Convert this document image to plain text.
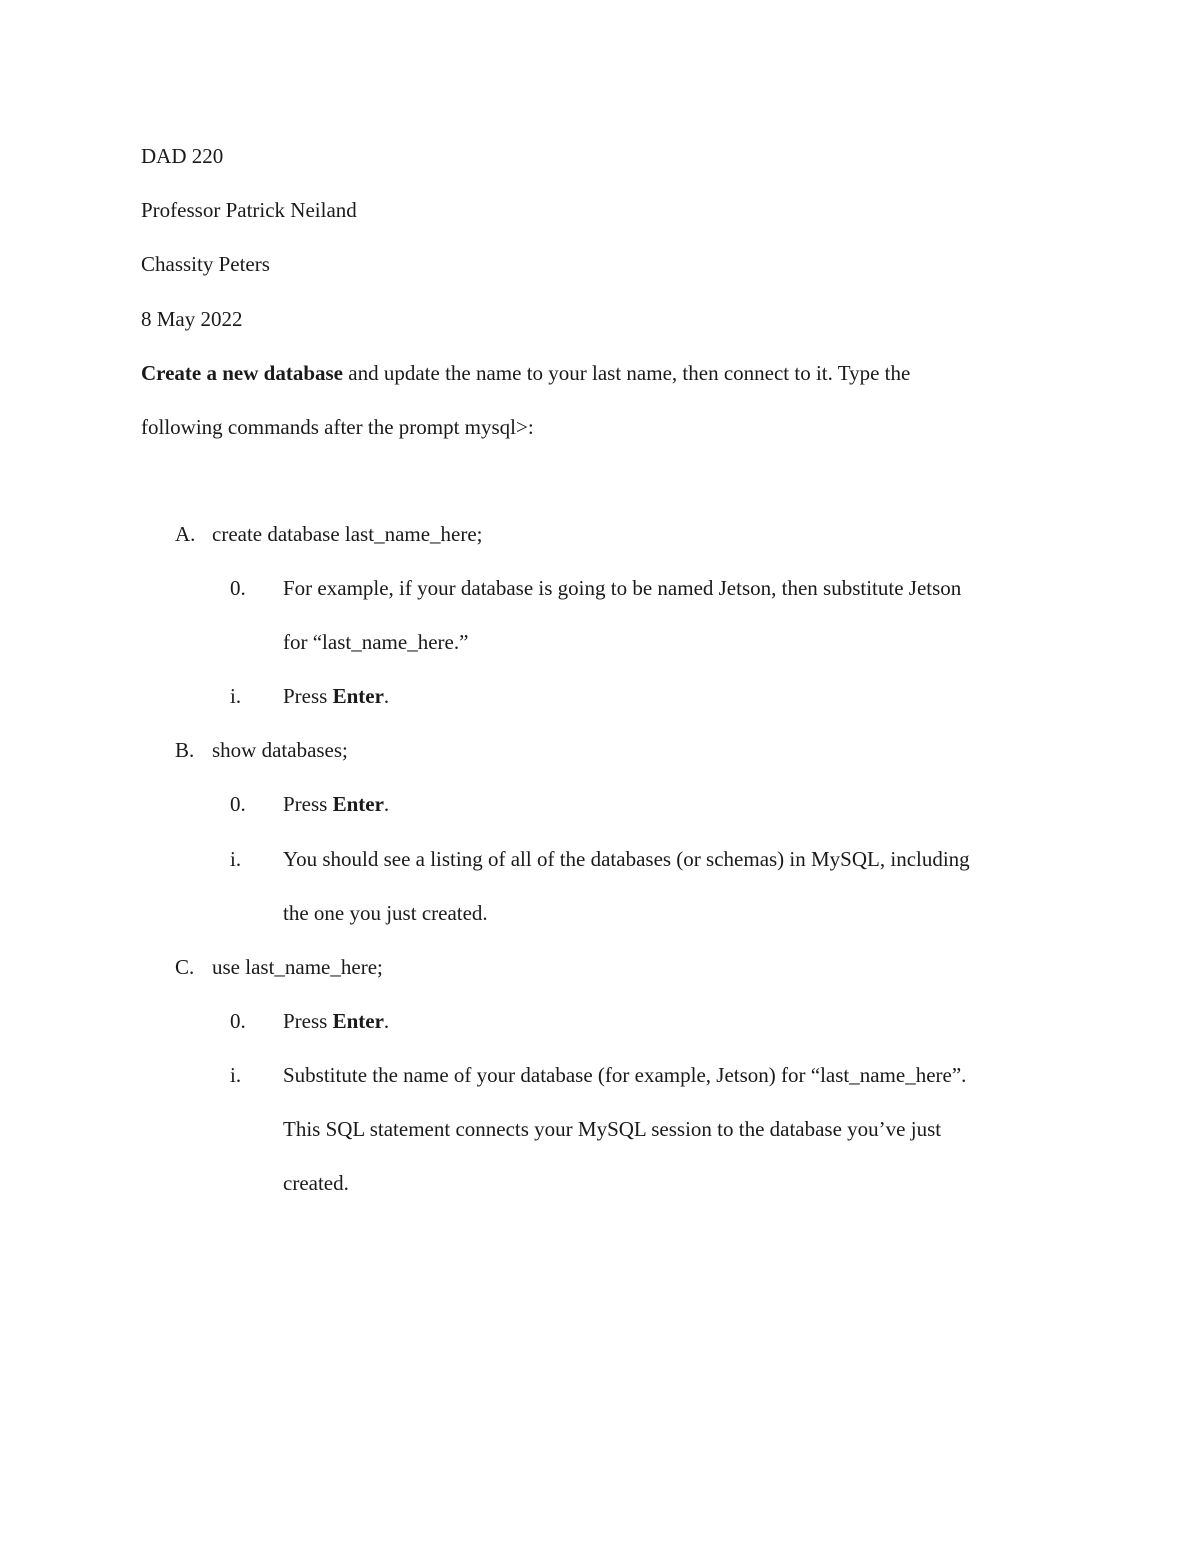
DAD 220
Professor Patrick Neiland
Chassity Peters
8 May 2022
Create a new database and update the name to your last name, then connect to it. Type the
following commands after the prompt mysql>:
A. create database last_name_here;
0. For example, if your database is going to be named Jetson, then substitute Jetson
for “last_name_here.”
i. Press Enter.
B. show databases;
0. Press Enter.
i. You should see a listing of all of the databases (or schemas) in MySQL, including
the one you just created.
C. use last_name_here;
0. Press Enter.
i. Substitute the name of your database (for example, Jetson) for “last_name_here”.
This SQL statement connects your MySQL session to the database you’ve just
created.
